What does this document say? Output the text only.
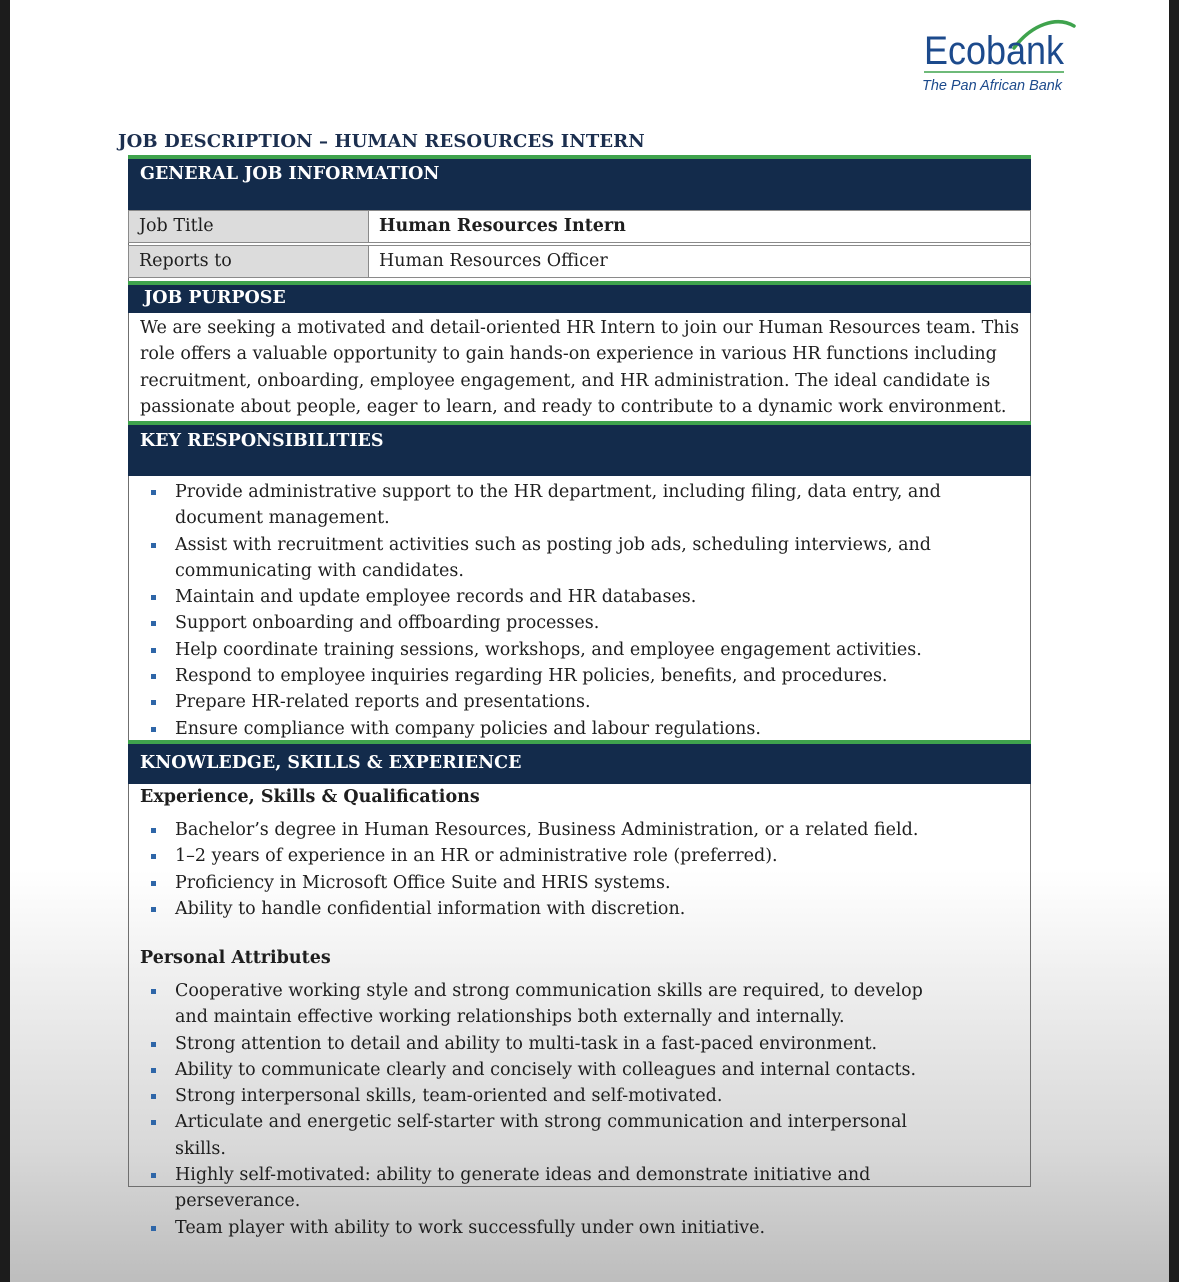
Ecobank
The Pan African Bank
JOB DESCRIPTION – HUMAN RESOURCES INTERN
GENERAL JOB INFORMATION
Job Title	Human Resources Intern
Reports to	Human Resources Officer
JOB PURPOSE

We are seeking a motivated and detail-oriented HR Intern to join our Human Resources team. This role offers a valuable opportunity to gain hands-on experience in various HR functions including recruitment, onboarding, employee engagement, and HR administration. The ideal candidate is passionate about people, eager to learn, and ready to contribute to a dynamic work environment.

KEY RESPONSIBILITIES
Provide administrative support to the HR department, including filing, data entry, and document management.
Assist with recruitment activities such as posting job ads, scheduling interviews, and communicating with candidates.
Maintain and update employee records and HR databases.
Support onboarding and offboarding processes.
Help coordinate training sessions, workshops, and employee engagement activities.
Respond to employee inquiries regarding HR policies, benefits, and procedures.
Prepare HR-related reports and presentations.
Ensure compliance with company policies and labour regulations.
KNOWLEDGE, SKILLS & EXPERIENCE

Experience, Skills & Qualifications

Bachelor’s degree in Human Resources, Business Administration, or a related field.
1–2 years of experience in an HR or administrative role (preferred).
Proficiency in Microsoft Office Suite and HRIS systems.
Ability to handle confidential information with discretion.

Personal Attributes

Cooperative working style and strong communication skills are required, to develop and maintain effective working relationships both externally and internally.
Strong attention to detail and ability to multi-task in a fast-paced environment.
Ability to communicate clearly and concisely with colleagues and internal contacts.
Strong interpersonal skills, team-oriented and self-motivated.
Articulate and energetic self-starter with strong communication and interpersonal skills.
Highly self-motivated: ability to generate ideas and demonstrate initiative and perseverance.
Team player with ability to work successfully under own initiative.
